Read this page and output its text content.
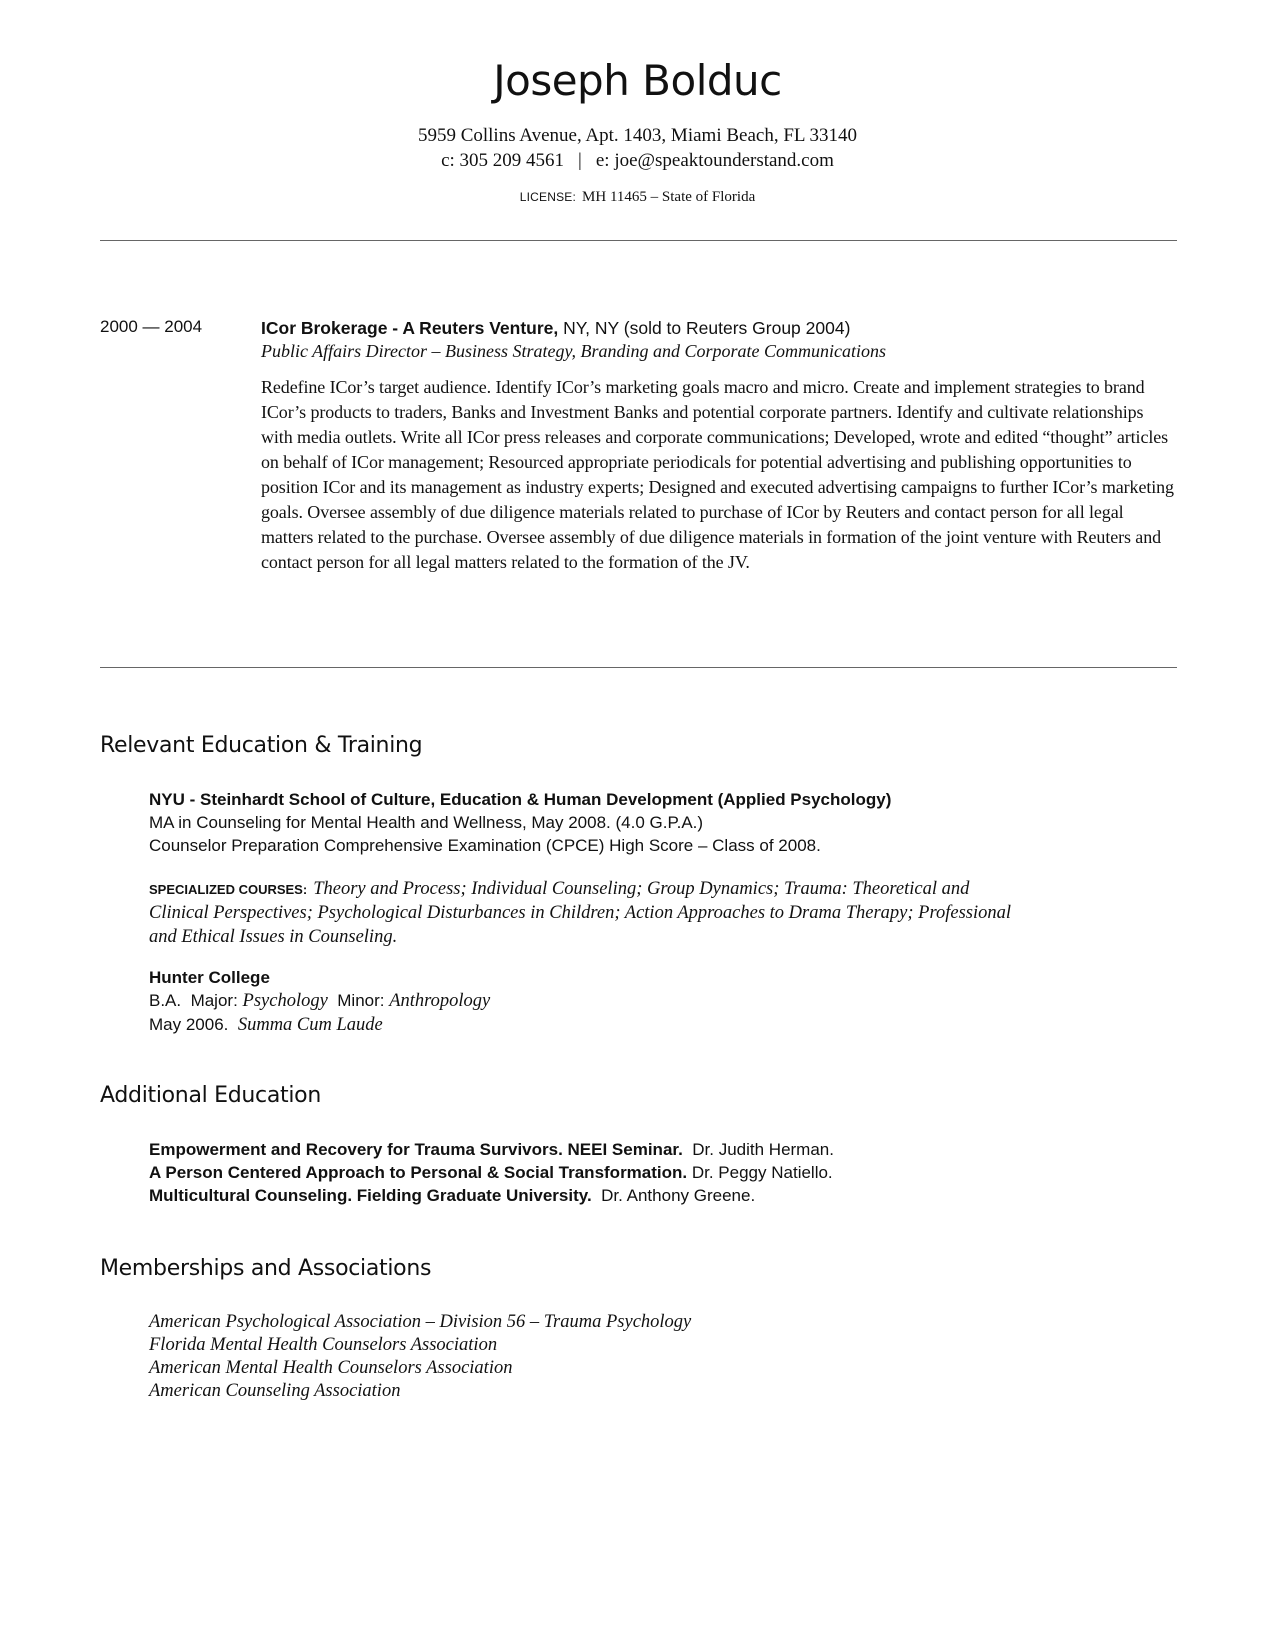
Joseph Bolduc
5959 Collins Avenue, Apt. 1403, Miami Beach, FL 33140
c: 305 209 4561 | e: joe@speaktounderstand.com
LICENSE: MH 11465 – State of Florida
2000 — 2004	ICor Brokerage - A Reuters Venture, NY, NY (sold to Reuters Group 2004)
Public Affairs Director – Business Strategy, Branding and Corporate Communications
Redefine ICor’s target audience. Identify ICor’s marketing goals macro and micro. Create and implement strategies to brand ICor’s products to traders, Banks and Investment Banks and potential corporate partners. Identify and cultivate relationships with media outlets. Write all ICor press releases and corporate communications; Developed, wrote and edited “thought” articles on behalf of ICor management; Resourced appropriate periodicals for potential advertising and publishing opportunities to position ICor and its management as industry experts; Designed and executed advertising campaigns to further ICor’s marketing goals. Oversee assembly of due diligence materials related to purchase of ICor by Reuters and contact person for all legal matters related to the purchase. Oversee assembly of due diligence materials in formation of the joint venture with Reuters and contact person for all legal matters related to the formation of the JV.
Relevant Education & Training
NYU - Steinhardt School of Culture, Education & Human Development (Applied Psychology)
MA in Counseling for Mental Health and Wellness, May 2008. (4.0 G.P.A.)
Counselor Preparation Comprehensive Examination (CPCE) High Score – Class of 2008.
SPECIALIZED COURSES: Theory and Process; Individual Counseling; Group Dynamics; Trauma: Theoretical and Clinical Perspectives; Psychological Disturbances in Children; Action Approaches to Drama Therapy; Professional and Ethical Issues in Counseling.
Hunter College
B.A.  Major: Psychology  Minor: Anthropology
May 2006.  Summa Cum Laude
Additional Education
Empowerment and Recovery for Trauma Survivors. NEEI Seminar.  Dr. Judith Herman.
A Person Centered Approach to Personal & Social Transformation. Dr. Peggy Natiello.
Multicultural Counseling. Fielding Graduate University.  Dr. Anthony Greene.
Memberships and Associations
American Psychological Association – Division 56 – Trauma Psychology
Florida Mental Health Counselors Association
American Mental Health Counselors Association
American Counseling Association
